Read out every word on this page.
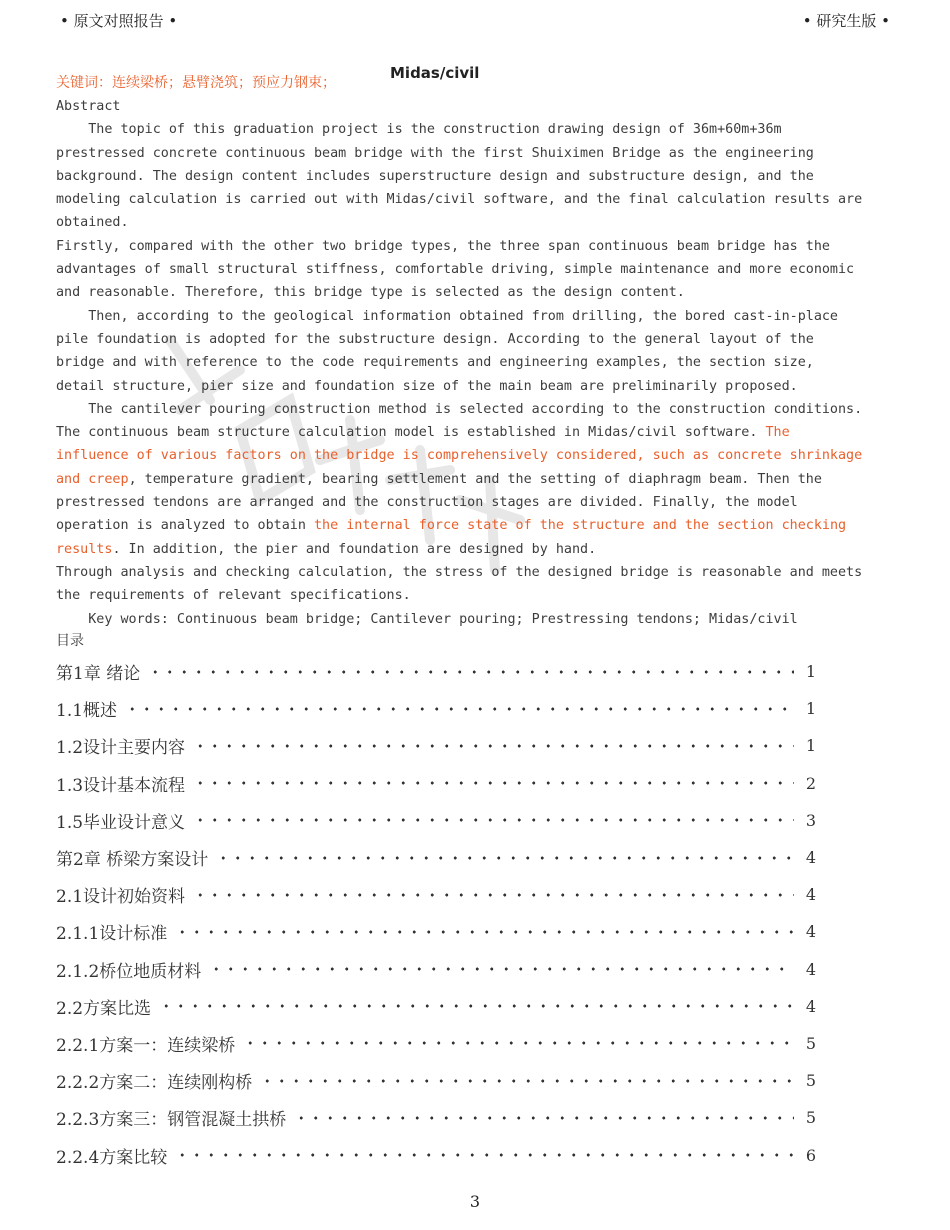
• 原文对照报告 •	• 研究生版 •
关键词：连续梁桥；悬臂浇筑；预应力钢束；
Midas/civil
Abstract
The topic of this graduation project is the construction drawing design of 36m+60m+36m
prestressed concrete continuous beam bridge with the first Shuiximen Bridge as the engineering
background. The design content includes superstructure design and substructure design, and the
modeling calculation is carried out with Midas/civil software, and the final calculation results are
obtained.
Firstly, compared with the other two bridge types, the three span continuous beam bridge has the
advantages of small structural stiffness, comfortable driving, simple maintenance and more economic
and reasonable. Therefore, this bridge type is selected as the design content.
Then, according to the geological information obtained from drilling, the bored cast-in-place
pile foundation is adopted for the substructure design. According to the general layout of the
bridge and with reference to the code requirements and engineering examples, the section size,
detail structure, pier size and foundation size of the main beam are preliminarily proposed.
The cantilever pouring construction method is selected according to the construction conditions.
The continuous beam structure calculation model is established in Midas/civil software. The
influence of various factors on the bridge is comprehensively considered, such as concrete shrinkage
and creep, temperature gradient, bearing settlement and the setting of diaphragm beam. Then the
prestressed tendons are arranged and the construction stages are divided. Finally, the model
operation is analyzed to obtain the internal force state of the structure and the section checking
results. In addition, the pier and foundation are designed by hand.
Through analysis and checking calculation, the stress of the designed bridge is reasonable and meets
the requirements of relevant specifications.
Key words: Continuous beam bridge; Cantilever pouring; Prestressing tendons; Midas/civil
目录
第1章 绪论	1
1.1概述	1
1.2设计主要内容	1
1.3设计基本流程	2
1.5毕业设计意义	3
第2章 桥梁方案设计	4
2.1设计初始资料	4
2.1.1设计标准	4
2.1.2桥位地质材料	4
2.2方案比选	4
2.2.1方案一：连续梁桥	5
2.2.2方案二：连续刚构桥	5
2.2.3方案三：钢管混凝土拱桥	5
2.2.4方案比较	6
3
